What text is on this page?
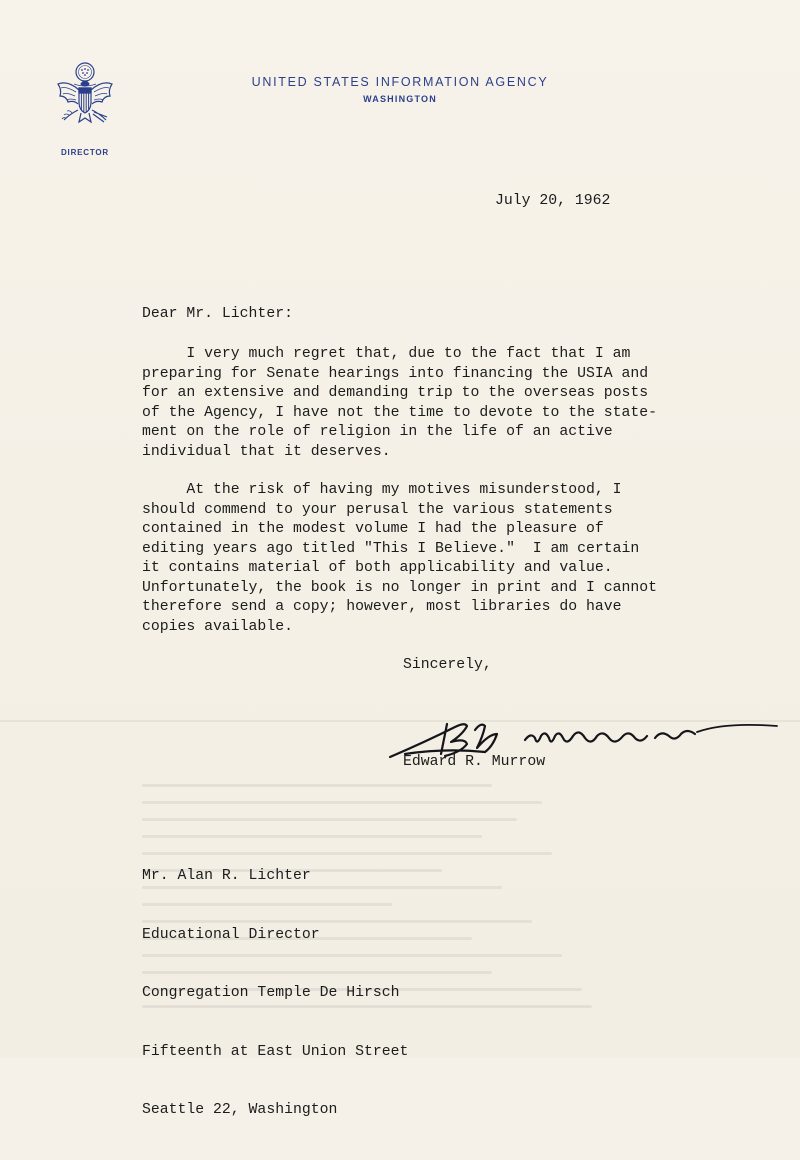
DIRECTOR
UNITED STATES INFORMATION AGENCY
WASHINGTON
July 20, 1962
Dear Mr. Lichter:
I very much regret that, due to the fact that I am
preparing for Senate hearings into financing the USIA and
for an extensive and demanding trip to the overseas posts
of the Agency, I have not the time to devote to the state-
ment on the role of religion in the life of an active
individual that it deserves.
At the risk of having my motives misunderstood, I
should commend to your perusal the various statements
contained in the modest volume I had the pleasure of
editing years ago titled "This I Believe."  I am certain
it contains material of both applicability and value.
Unfortunately, the book is no longer in print and I cannot
therefore send a copy; however, most libraries do have
copies available.
Sincerely,
Edward R. Murrow

Mr. Alan R. Lichter

Educational Director

Congregation Temple De Hirsch

Fifteenth at East Union Street

Seattle 22, Washington
